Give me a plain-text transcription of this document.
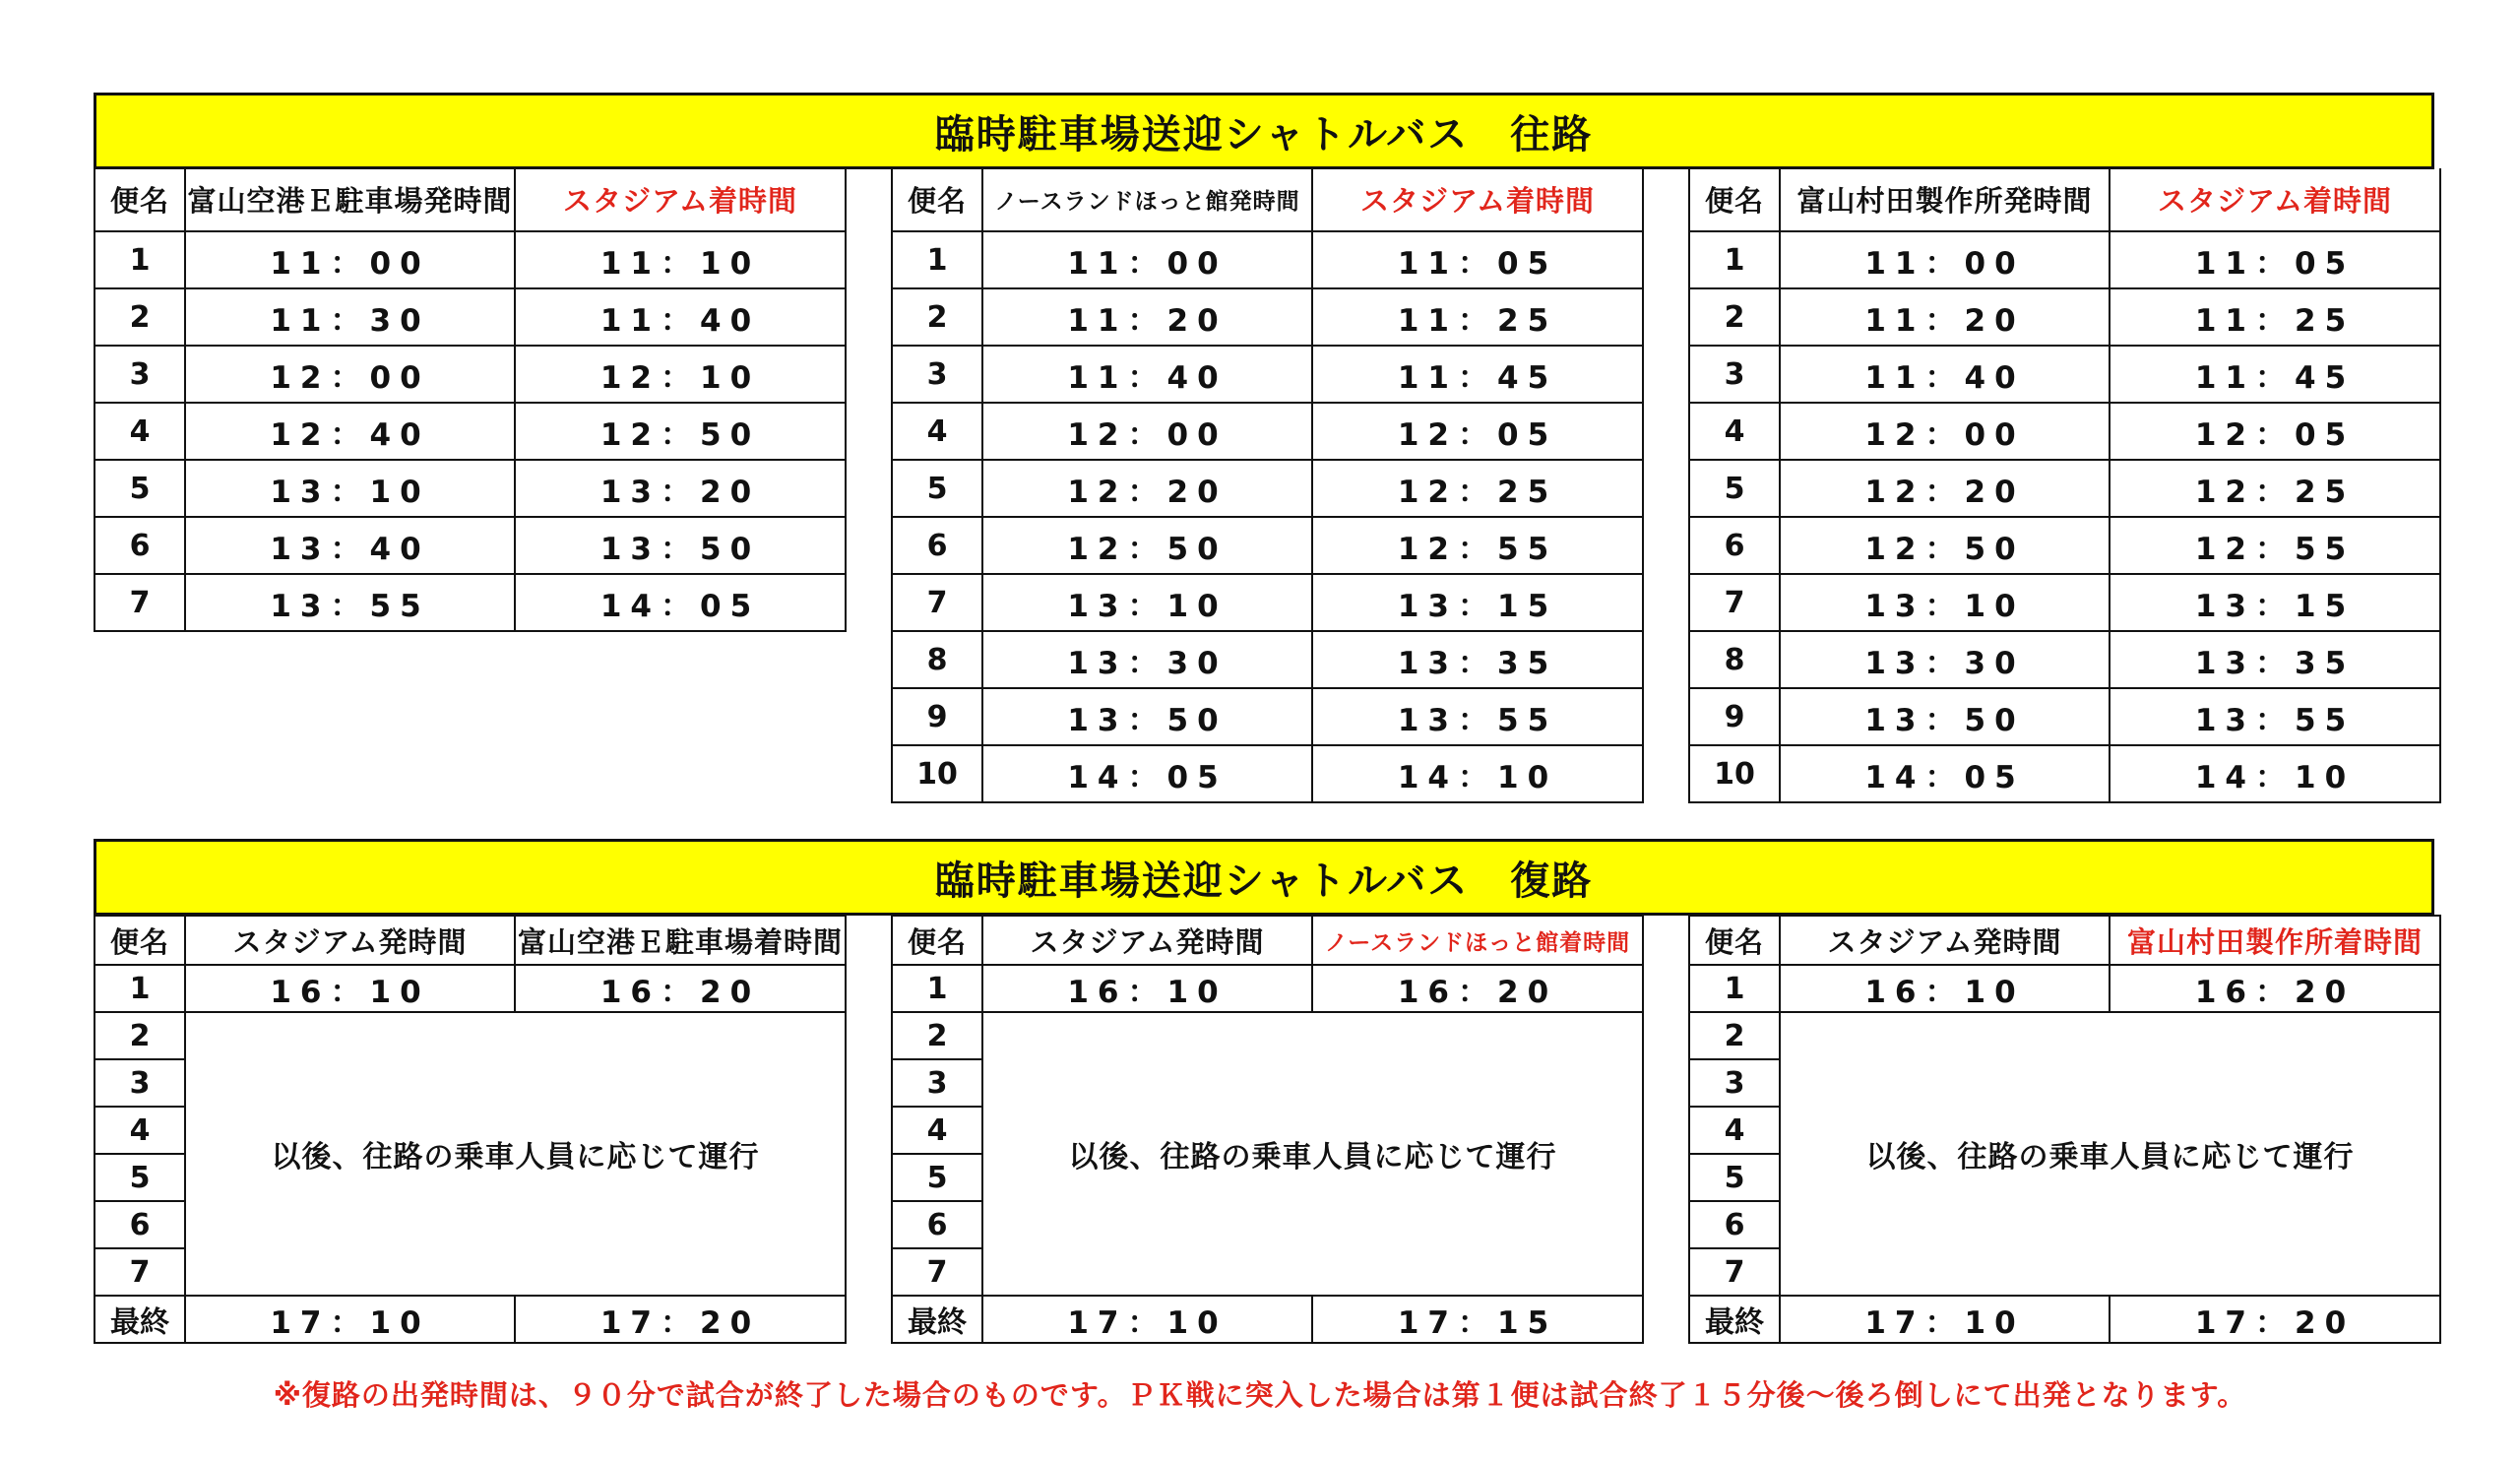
臨時駐車場送迎シャトルバス　往路
便名	富山空港Ｅ駐車場発時間	スタジアム着時間
1	11：00	11：10
2	11：30	11：40
3	12：00	12：10
4	12：40	12：50
5	13：10	13：20
6	13：40	13：50
7	13：55	14：05
便名	ノースランドほっと館発時間	スタジアム着時間
1	11：00	11：05
2	11：20	11：25
3	11：40	11：45
4	12：00	12：05
5	12：20	12：25
6	12：50	12：55
7	13：10	13：15
8	13：30	13：35
9	13：50	13：55
10	14：05	14：10
便名	富山村田製作所発時間	スタジアム着時間
1	11：00	11：05
2	11：20	11：25
3	11：40	11：45
4	12：00	12：05
5	12：20	12：25
6	12：50	12：55
7	13：10	13：15
8	13：30	13：35
9	13：50	13：55
10	14：05	14：10
臨時駐車場送迎シャトルバス　復路
便名	スタジアム発時間	富山空港Ｅ駐車場着時間
1	16：10	16：20
2	以後、往路の乗車人員に応じて運行	
3		
4		
5		
6		
7		
最終	17：10	17：20
便名	スタジアム発時間	ノースランドほっと館着時間
1	16：10	16：20
2	以後、往路の乗車人員に応じて運行	
3		
4		
5		
6		
7		
最終	17：10	17：15
便名	スタジアム発時間	富山村田製作所着時間
1	16：10	16：20
2	以後、往路の乗車人員に応じて運行	
3		
4		
5		
6		
7		
最終	17：10	17：20
※復路の出発時間は、９０分で試合が終了した場合のものです。ＰＫ戦に突入した場合は第１便は試合終了１５分後～後ろ倒しにて出発となります。
